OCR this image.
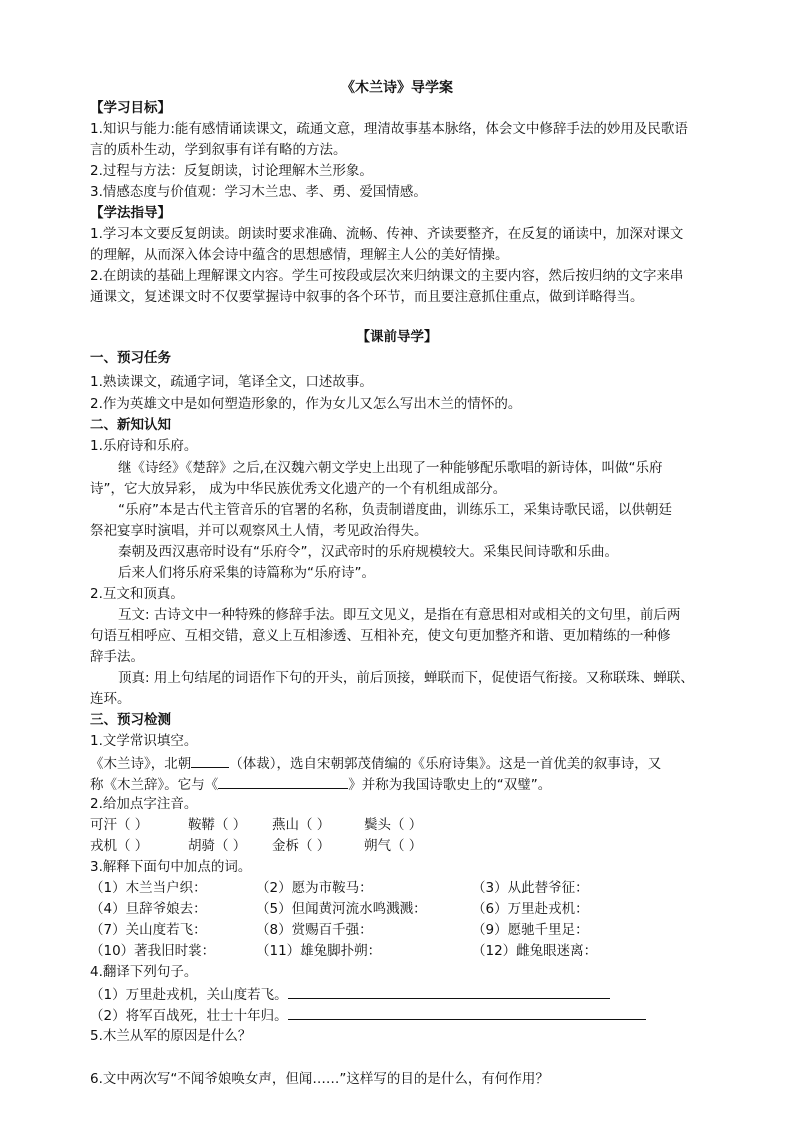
《木兰诗》导学案
【学习目标】
1.知识与能力:能有感情诵读课文，疏通文意，理清故事基本脉络，体会文中修辞手法的妙用及民歌语
言的质朴生动，学到叙事有详有略的方法。
2.过程与方法：反复朗读，讨论理解木兰形象。
3.情感态度与价值观：学习木兰忠、孝、勇、爱国情感。
【学法指导】
1.学习本文要反复朗读。朗读时要求准确、流畅、传神、齐读要整齐，在反复的诵读中，加深对课文
的理解，从而深入体会诗中蕴含的思想感情，理解主人公的美好情操。
2.在朗读的基础上理解课文内容。学生可按段或层次来归纳课文的主要内容，然后按归纳的文字来串
通课文，复述课文时不仅要掌握诗中叙事的各个环节，而且要注意抓住重点，做到详略得当。
【课前导学】
一、预习任务
1.熟读课文，疏通字词，笔译全文，口述故事。
2.作为英雄文中是如何塑造形象的，作为女儿又怎么写出木兰的情怀的。
二、新知认知
1.乐府诗和乐府。
继《诗经》《楚辞》之后,在汉魏六朝文学史上出现了一种能够配乐歌唱的新诗体，叫做“乐府
诗”，它大放异彩， 成为中华民族优秀文化遗产的一个有机组成部分。
“乐府”本是古代主管音乐的官署的名称，负责制谱度曲，训练乐工，采集诗歌民谣，以供朝廷
祭祀宴享时演唱，并可以观察风土人情，考见政治得失。
秦朝及西汉惠帝时设有“乐府令”，汉武帝时的乐府规模较大。采集民间诗歌和乐曲。
后来人们将乐府采集的诗篇称为“乐府诗”。
2.互文和顶真。
互文: 古诗文中一种特殊的修辞手法。即互文见义，是指在有意思相对或相关的文句里，前后两
句语互相呼应、互相交错，意义上互相渗透、互相补充，使文句更加整齐和谐、更加精练的一种修
辞手法。
顶真: 用上句结尾的词语作下句的开头，前后顶接，蝉联而下，促使语气衔接。又称联珠、蝉联、
连环。
三、预习检测
1.文学常识填空。
《木兰诗》，北朝	（体裁），选自宋朝郭茂倩编的《乐府诗集》。这是一首优美的叙事诗，又
称《木兰辞》。它与《	》并称为我国诗歌史上的“双璧”。
2.给加点字注音。
可汗（ ）	鞍鞯（ ） 燕山（ ） 鬓头（ ）
戎机（ ）	胡骑（ ） 金柝（ ） 朔气（ ）
3.解释下面句中加点的词。
（1）木兰当户织：	（2）愿为市鞍马：	（3）从此替爷征：
（4）旦辞爷娘去：	（5）但闻黄河流水鸣溅溅：	（6）万里赴戎机：
（7）关山度若飞：	（8）赏赐百千强：	（9）愿驰千里足：
（10）著我旧时裳：	（11）雄兔脚扑朔：	（12）雌兔眼迷离：
4.翻译下列句子。
（1）万里赴戎机，关山度若飞。
（2）将军百战死，壮士十年归。
5.木兰从军的原因是什么？
6.文中两次写“不闻爷娘唤女声，但闻……”这样写的目的是什么，有何作用？
